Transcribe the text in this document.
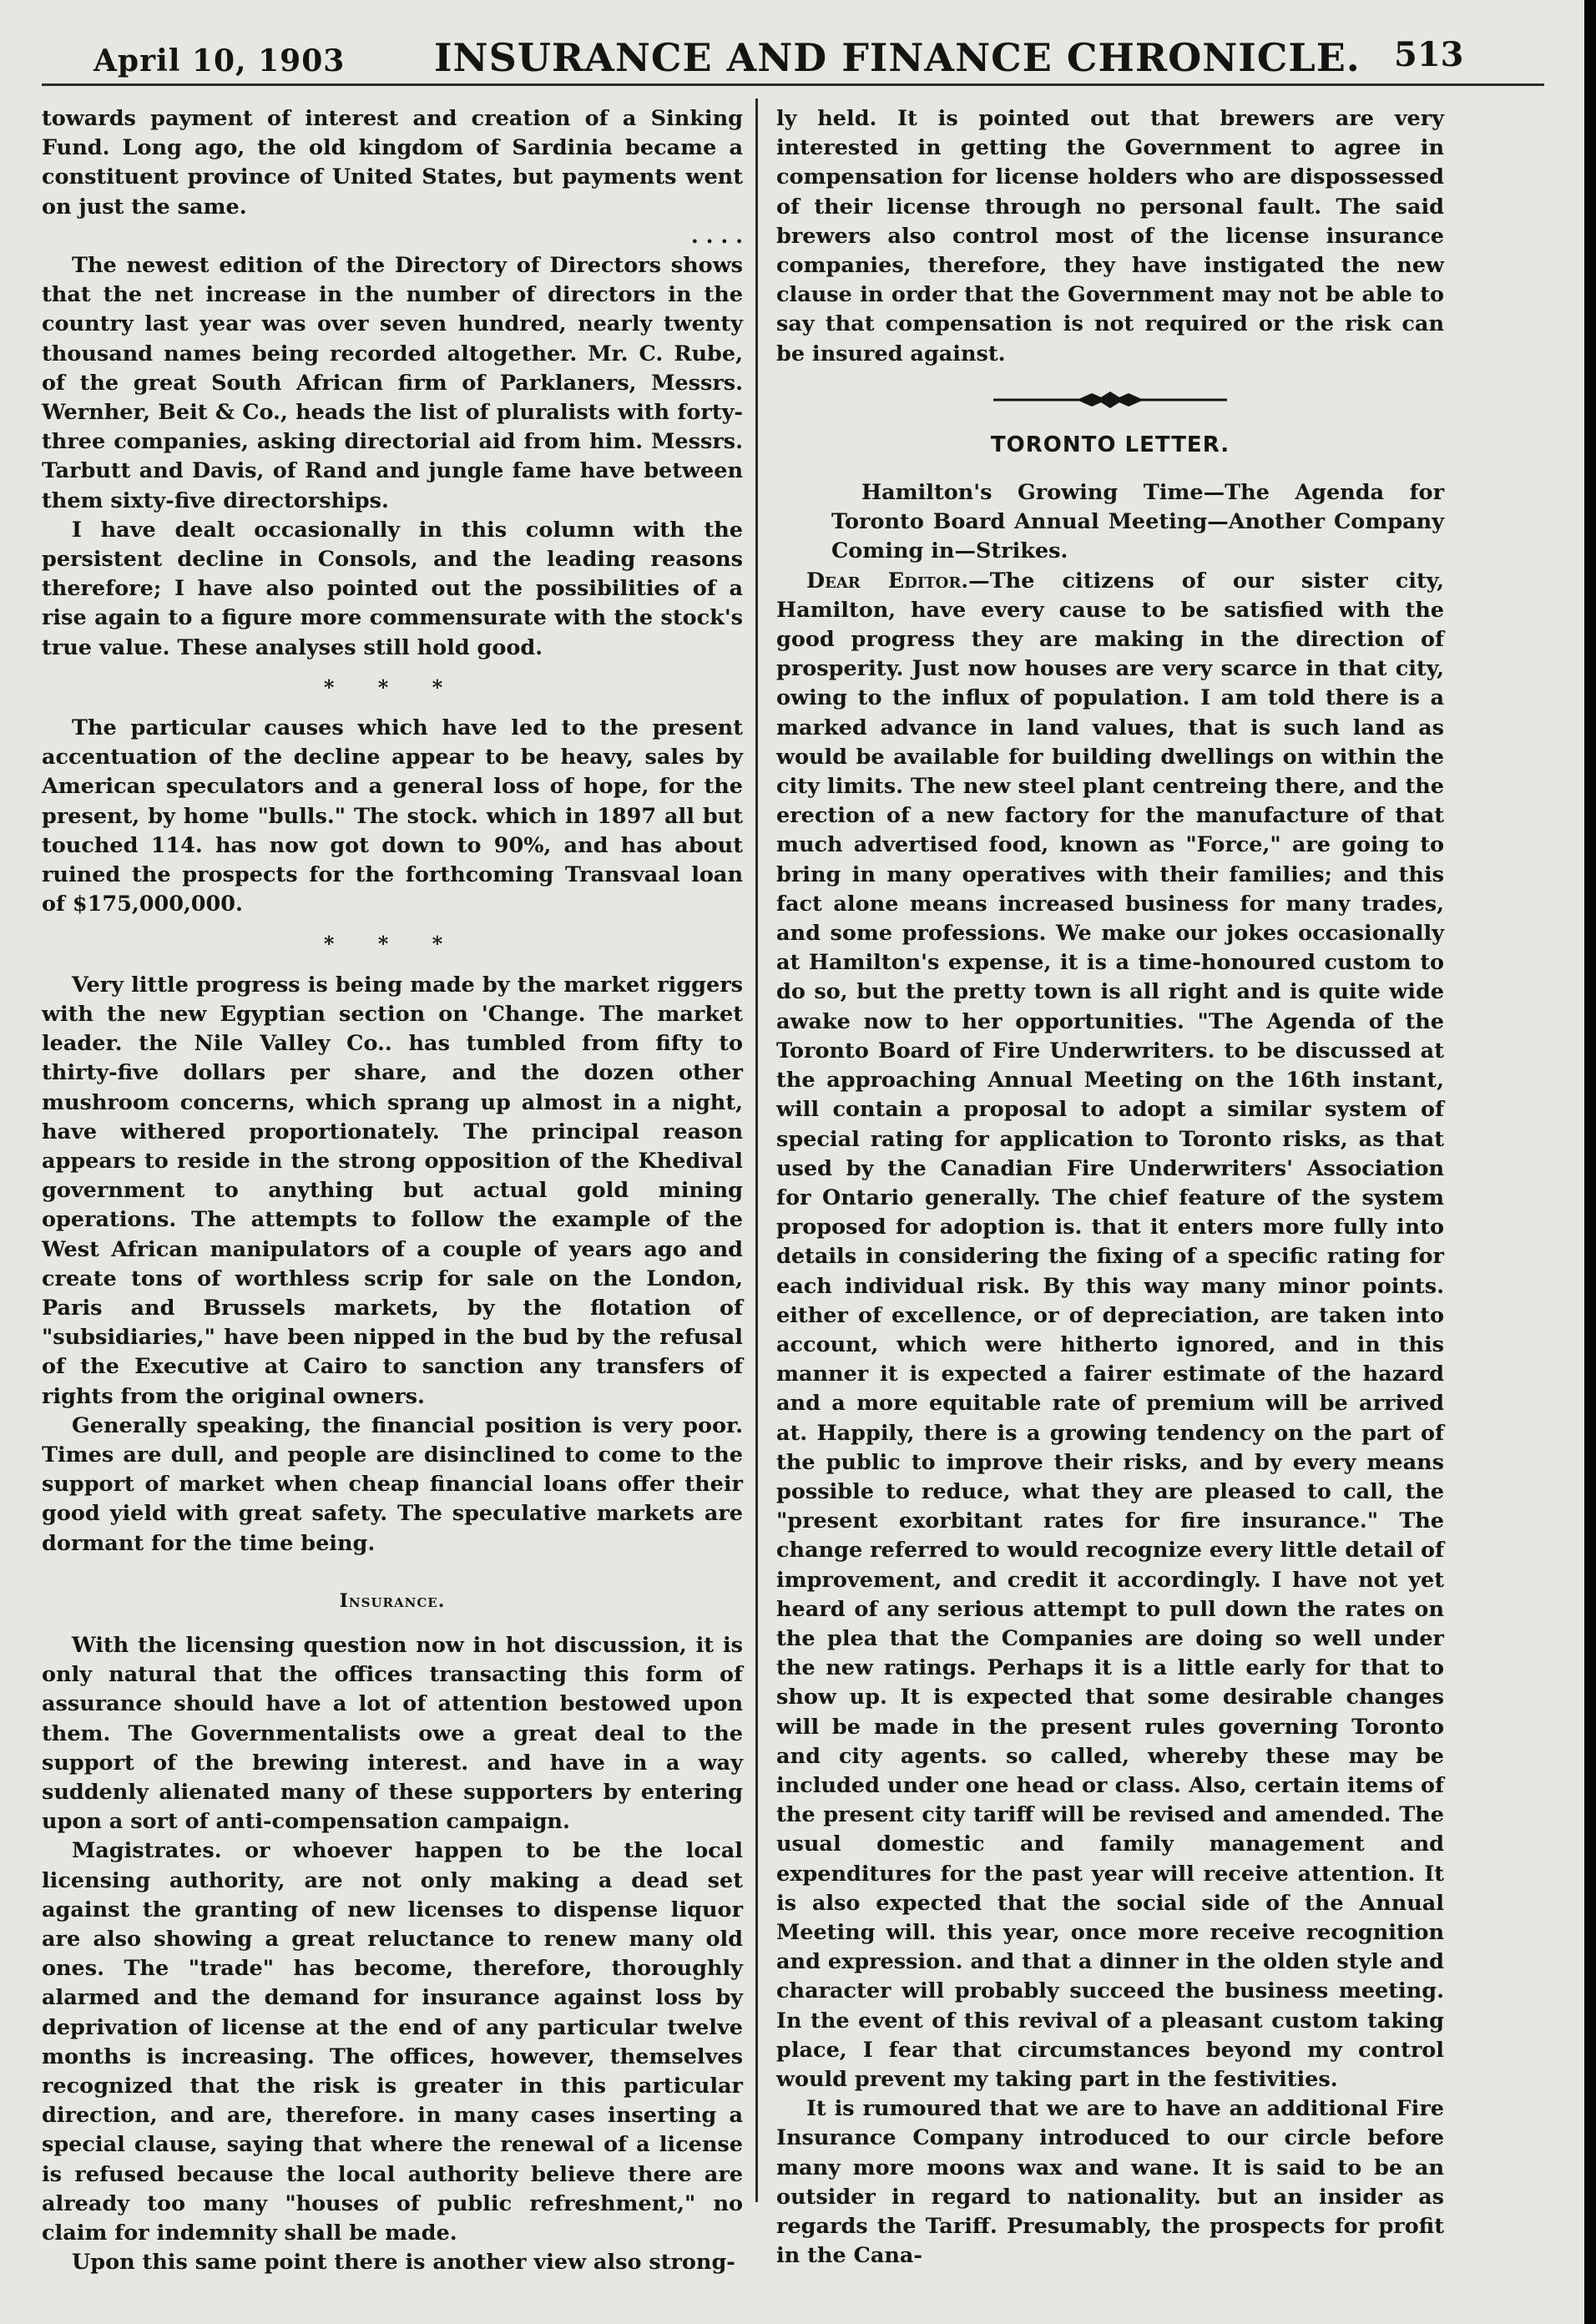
April 10, 1903 INSURANCE AND FINANCE CHRONICLE. 513

towards payment of interest and creation of a Sinking Fund. Long ago, the old kingdom of Sardinia became a constituent province of United States, but payments went on just the same.

. . . .

The newest edition of the Directory of Directors shows that the net increase in the number of directors in the country last year was over seven hundred, nearly twenty thousand names being recorded altogether. Mr. C. Rube, of the great South African firm of Parklaners, Messrs. Wernher, Beit & Co., heads the list of pluralists with forty-three companies, asking directorial aid from him. Messrs. Tarbutt and Davis, of Rand and jungle fame have between them sixty-five directorships.

I have dealt occasionally in this column with the persistent decline in Consols, and the leading reasons therefore; I have also pointed out the possibilities of a rise again to a figure more commensurate with the stock's true value. These analyses still hold good.

* * *

The particular causes which have led to the present accentuation of the decline appear to be heavy, sales by American speculators and a general loss of hope, for the present, by home "bulls." The stock. which in 1897 all but touched 114. has now got down to 90%, and has about ruined the prospects for the forthcoming Transvaal loan of $175,000,000.

* * *

Very little progress is being made by the market riggers with the new Egyptian section on 'Change. The market leader. the Nile Valley Co.. has tumbled from fifty to thirty-five dollars per share, and the dozen other mushroom concerns, which sprang up almost in a night, have withered proportionately. The principal reason appears to reside in the strong opposition of the Khedival government to anything but actual gold mining operations. The attempts to follow the example of the West African manipulators of a couple of years ago and create tons of worthless scrip for sale on the London, Paris and Brussels markets, by the flotation of "subsidiaries," have been nipped in the bud by the refusal of the Executive at Cairo to sanction any transfers of rights from the original owners.

Generally speaking, the financial position is very poor. Times are dull, and people are disinclined to come to the support of market when cheap financial loans offer their good yield with great safety. The speculative markets are dormant for the time being.

Insurance.

With the licensing question now in hot discussion, it is only natural that the offices transacting this form of assurance should have a lot of attention bestowed upon them. The Governmentalists owe a great deal to the support of the brewing interest. and have in a way suddenly alienated many of these supporters by entering upon a sort of anti-compensation campaign.

Magistrates. or whoever happen to be the local licensing authority, are not only making a dead set against the granting of new licenses to dispense liquor are also showing a great reluctance to renew many old ones. The "trade" has become, therefore, thoroughly alarmed and the demand for insurance against loss by deprivation of license at the end of any particular twelve months is increasing. The offices, however, themselves recognized that the risk is greater in this particular direction, and are, therefore. in many cases inserting a special clause, saying that where the renewal of a license is refused because the local authority believe there are already too many "houses of public refreshment," no claim for indemnity shall be made.

Upon this same point there is another view also strong-

ly held. It is pointed out that brewers are very interested in getting the Government to agree in compensation for license holders who are dispossessed of their license through no personal fault. The said brewers also control most of the license insurance companies, therefore, they have instigated the new clause in order that the Government may not be able to say that compensation is not required or the risk can be insured against.

TORONTO LETTER.

Hamilton's Growing Time—The Agenda for Toronto Board Annual Meeting—Another Company Coming in—Strikes.

Dear Editor.—The citizens of our sister city, Hamilton, have every cause to be satisfied with the good progress they are making in the direction of prosperity. Just now houses are very scarce in that city, owing to the influx of population. I am told there is a marked advance in land values, that is such land as would be available for building dwellings on within the city limits. The new steel plant centreing there, and the erection of a new factory for the manufacture of that much advertised food, known as "Force," are going to bring in many operatives with their families; and this fact alone means increased business for many trades, and some professions. We make our jokes occasionally at Hamilton's expense, it is a time-honoured custom to do so, but the pretty town is all right and is quite wide awake now to her opportunities. "The Agenda of the Toronto Board of Fire Underwriters. to be discussed at the approaching Annual Meeting on the 16th instant, will contain a proposal to adopt a similar system of special rating for application to Toronto risks, as that used by the Canadian Fire Underwriters' Association for Ontario generally. The chief feature of the system proposed for adoption is. that it enters more fully into details in considering the fixing of a specific rating for each individual risk. By this way many minor points. either of excellence, or of depreciation, are taken into account, which were hitherto ignored, and in this manner it is expected a fairer estimate of the hazard and a more equitable rate of premium will be arrived at. Happily, there is a growing tendency on the part of the public to improve their risks, and by every means possible to reduce, what they are pleased to call, the "present exorbitant rates for fire insurance." The change referred to would recognize every little detail of improvement, and credit it accordingly. I have not yet heard of any serious attempt to pull down the rates on the plea that the Companies are doing so well under the new ratings. Perhaps it is a little early for that to show up. It is expected that some desirable changes will be made in the present rules governing Toronto and city agents. so called, whereby these may be included under one head or class. Also, certain items of the present city tariff will be revised and amended. The usual domestic and family management and expenditures for the past year will receive attention. It is also expected that the social side of the Annual Meeting will. this year, once more receive recognition and expression. and that a dinner in the olden style and character will probably succeed the business meeting. In the event of this revival of a pleasant custom taking place, I fear that circumstances beyond my control would prevent my taking part in the festivities.

It is rumoured that we are to have an additional Fire Insurance Company introduced to our circle before many more moons wax and wane. It is said to be an outsider in regard to nationality. but an insider as regards the Tariff. Presumably, the prospects for profit in the Cana-
